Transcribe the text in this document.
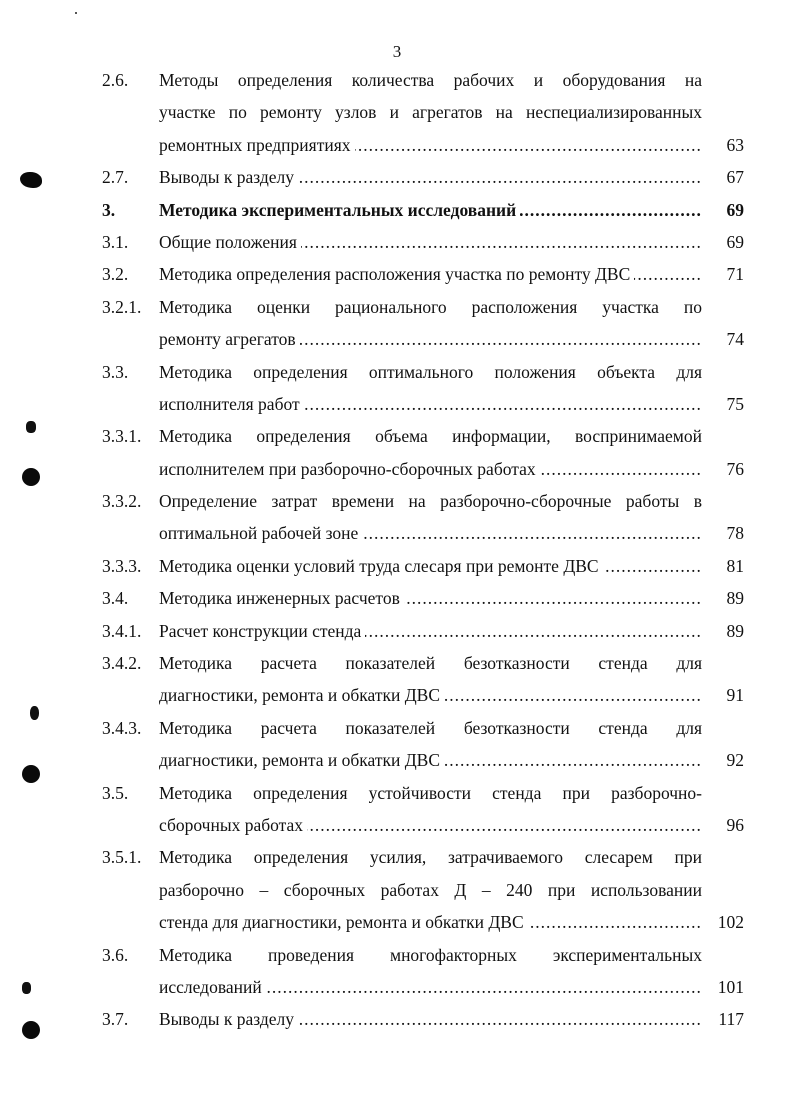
3
2.6. Методы определения количества рабочих и оборудования на
участке по ремонту узлов и агрегатов на неспециализированных
ремонтных предприятиях .....	63
2.7. Выводы к разделу .....	67
3.	Методика экспериментальных исследований .....	69
3.1. Общие положения .....	69
3.2. Методика определения расположения участка по ремонту ДВС .....	71
3.2.1. Методика оценки рационального расположения участка по
ремонту агрегатов .....	74
3.3. Методика определения оптимального положения объекта для
исполнителя работ .....	75
3.3.1. Методика определения объема информации, воспринимаемой
исполнителем при разборочно-сборочных работах .....	76
3.3.2. Определение затрат времени на разборочно-сборочные работы в
оптимальной рабочей зоне .....	78
3.3.3. Методика оценки условий труда слесаря при ремонте ДВС .....	81
3.4. Методика инженерных расчетов .....	89
3.4.1. Расчет конструкции стенда .....	89
3.4.2. Методика расчета показателей безотказности стенда для
диагностики, ремонта и обкатки ДВС .....	91
3.4.3. Методика расчета показателей безотказности стенда для
диагностики, ремонта и обкатки ДВС .....	92
3.5. Методика определения устойчивости стенда при разборочно-
сборочных работах .....	96
3.5.1. Методика определения усилия, затрачиваемого слесарем при
разборочно – сборочных работах Д – 240 при использовании
стенда для диагностики, ремонта и обкатки ДВС .....	102
3.6. Методика проведения многофакторных экспериментальных
исследований .....	101
3.7. Выводы к разделу .....	117
